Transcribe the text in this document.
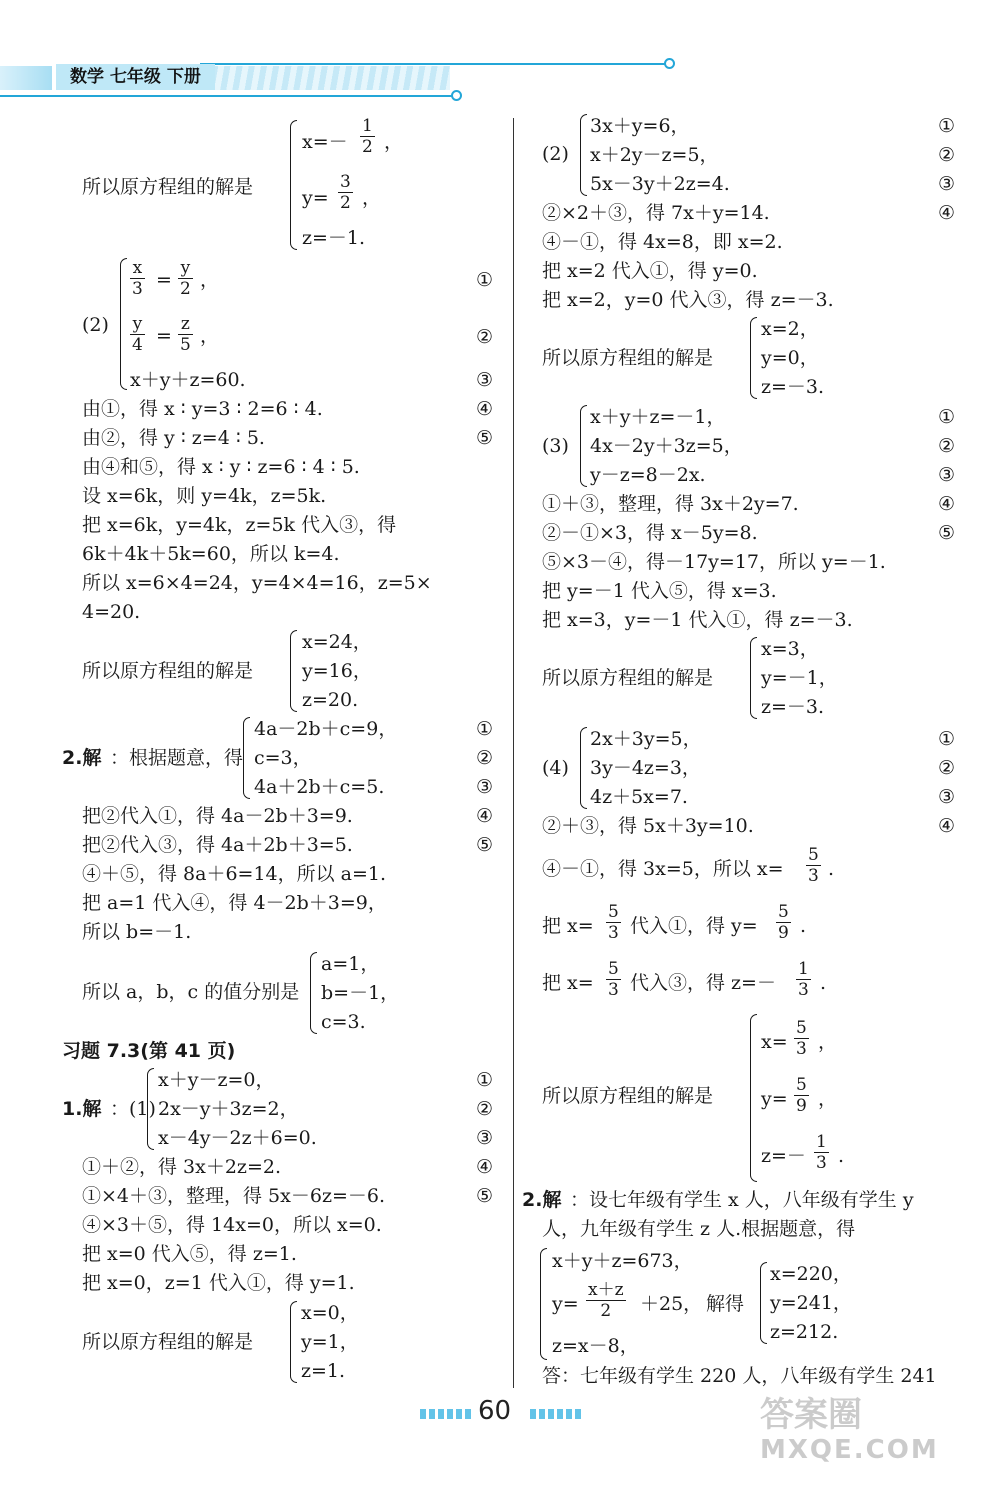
数学 七年级 下册
所以原方程组的解是
$x=- \frac{1}{2}$ ，
$y= \frac{3}{2}$ ，
z=－1.
(2)
$\frac{x}{3} = \frac{y}{2}$ ，
$\frac{y}{4} = \frac{z}{5}$ ，
x＋y＋z=60.
①
②
③
由①，得 x ∶ y=3 ∶ 2=6 ∶ 4.	④
由②，得 y ∶ z=4 ∶ 5.	⑤
由④和⑤，得 x ∶ y ∶ z=6 ∶ 4 ∶ 5.
设 x=6k，则 y=4k，z=5k.
把 x=6k，y=4k，z=5k 代入③，得
6k＋4k＋5k=60，所以 k=4.
所以 x=6×4=24，y=4×4=16，z=5×
4=20.
所以原方程组的解是
x=24，
y=16，
z=20.
2.解 ：根据题意，得
4a－2b＋c=9，
c=3，
4a＋2b＋c=5.
①
②
③
把②代入①，得 4a－2b＋3=9.	④
把②代入③，得 4a＋2b＋3=5.	⑤
④＋⑤，得 8a＋6=14，所以 a=1.
把 a=1 代入④，得 4－2b＋3=9，
所以 b=－1.
所以 a，b，c 的值分别是
a=1，
b=－1，
c=3.
习题 7.3(第 41 页)
1.解 ：(1)
x＋y－z=0，
2x－y＋3z=2，
x－4y－2z＋6=0.
①
②
③
①＋②，得 3x＋2z=2.	④
①×4＋③，整理，得 5x－6z=－6.	⑤
④×3＋⑤，得 14x=0，所以 x=0.
把 x=0 代入⑤，得 z=1.
把 x=0，z=1 代入①，得 y=1.
所以原方程组的解是
x=0，
y=1，
z=1.
(2)
3x＋y=6，
x＋2y－z=5，
5x－3y＋2z=4.
①
②
③
②×2＋③，得 7x＋y=14.	④
④－①，得 4x=8，即 x=2.
把 x=2 代入①，得 y=0.
把 x=2，y=0 代入③，得 z=－3.
所以原方程组的解是
x=2，
y=0，
z=－3.
(3)
x＋y＋z=－1，
4x－2y＋3z=5，
y－z=8－2x.
①
②
③
①＋③，整理，得 3x＋2y=7.	④
②－①×3，得 x－5y=8.	⑤
⑤×3－④，得－17y=17，所以 y=－1.
把 y=－1 代入⑤，得 x=3.
把 x=3，y=－1 代入①，得 z=－3.
所以原方程组的解是
x=3，
y=－1，
z=－3.
(4)
2x＋3y=5，
3y－4z=3，
4z＋5x=7.
①
②
③
②＋③，得 5x＋3y=10.	④
④－①，得 3x=5，所以 $x= \frac{5}{3}$ .
把 $x= \frac{5}{3}$ 代入①，得 $y= \frac{5}{9}$ .
把 $x= \frac{5}{3}$ 代入③，得 $z=- \frac{1}{3}$ .
所以原方程组的解是
$x= \frac{5}{3}$ ，
$y= \frac{5}{9}$ ，
$z=- \frac{1}{3}$ .
2.解 ：设七年级有学生 x 人，八年级有学生 y
人，九年级有学生 z 人.根据题意，得
x＋y＋z=673，
$y= \frac{x+z}{2} +25$，
z=x－8，
解得
x=220，
y=241，
z=212.
答：七年级有学生 220 人，八年级有学生 241
60	答案圈
MXQE.COM
